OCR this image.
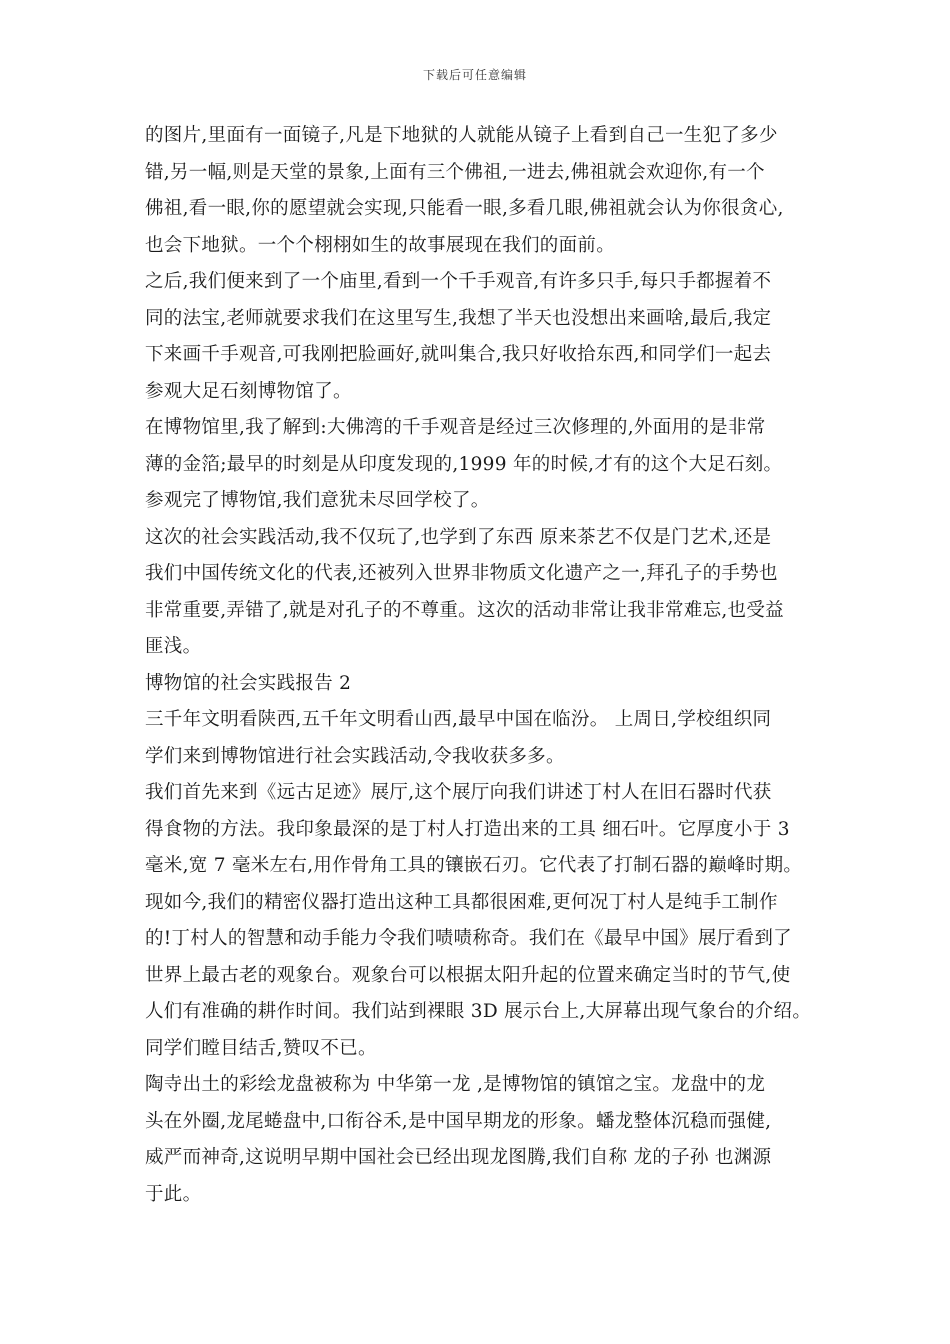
下载后可任意编辑
的图片,里面有一面镜子,凡是下地狱的人就能从镜子上看到自己一生犯了多少
错,另一幅,则是天堂的景象,上面有三个佛祖,一进去,佛祖就会欢迎你,有一个
佛祖,看一眼,你的愿望就会实现,只能看一眼,多看几眼,佛祖就会认为你很贪心,
也会下地狱。一个个栩栩如生的故事展现在我们的面前。
之后,我们便来到了一个庙里,看到一个千手观音,有许多只手,每只手都握着不
同的法宝,老师就要求我们在这里写生,我想了半天也没想出来画啥,最后,我定
下来画千手观音,可我刚把脸画好,就叫集合,我只好收拾东西,和同学们一起去
参观大足石刻博物馆了。
在博物馆里,我了解到:大佛湾的千手观音是经过三次修理的,外面用的是非常
薄的金箔;最早的时刻是从印度发现的,1999 年的时候,才有的这个大足石刻。
参观完了博物馆,我们意犹未尽回学校了。
这次的社会实践活动,我不仅玩了,也学到了东西 原来茶艺不仅是门艺术,还是
我们中国传统文化的代表,还被列入世界非物质文化遗产之一,拜孔子的手势也
非常重要,弄错了,就是对孔子的不尊重。这次的活动非常让我非常难忘,也受益
匪浅。
博物馆的社会实践报告 2
三千年文明看陕西,五千年文明看山西,最早中国在临汾。 上周日,学校组织同
学们来到博物馆进行社会实践活动,令我收获多多。
我们首先来到《远古足迹》展厅,这个展厅向我们讲述丁村人在旧石器时代获
得食物的方法。我印象最深的是丁村人打造出来的工具 细石叶。它厚度小于 3
毫米,宽 7 毫米左右,用作骨角工具的镶嵌石刃。它代表了打制石器的巅峰时期。
现如今,我们的精密仪器打造出这种工具都很困难,更何况丁村人是纯手工制作
的!丁村人的智慧和动手能力令我们啧啧称奇。我们在《最早中国》展厅看到了
世界上最古老的观象台。观象台可以根据太阳升起的位置来确定当时的节气,使
人们有准确的耕作时间。我们站到裸眼 3D 展示台上,大屏幕出现气象台的介绍。
同学们瞠目结舌,赞叹不已。
陶寺出土的彩绘龙盘被称为 中华第一龙 ,是博物馆的镇馆之宝。龙盘中的龙
头在外圈,龙尾蜷盘中,口衔谷禾,是中国早期龙的形象。蟠龙整体沉稳而强健,
威严而神奇,这说明早期中国社会已经出现龙图腾,我们自称 龙的子孙 也渊源
于此。
